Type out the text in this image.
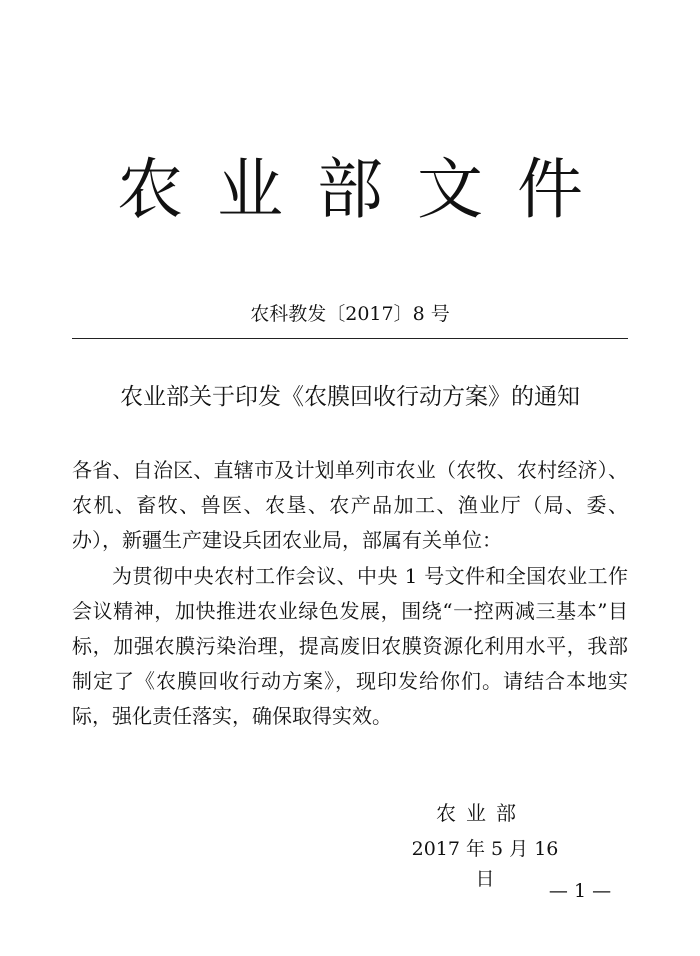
农业部文件
农科教发〔2017〕8 号
农业部关于印发《农膜回收行动方案》的通知

各省、自治区、直辖市及计划单列市农业（农牧、农村经济）、农机、畜牧、兽医、农垦、农产品加工、渔业厅（局、委、办），新疆生产建设兵团农业局，部属有关单位：

为贯彻中央农村工作会议、中央 1 号文件和全国农业工作会议精神，加快推进农业绿色发展，围绕“一控两减三基本”目标，加强农膜污染治理，提高废旧农膜资源化利用水平，我部制定了《农膜回收行动方案》，现印发给你们。请结合本地实际，强化责任落实，确保取得实效。

农业部
2017 年 5 月 16 日
— 1 —
